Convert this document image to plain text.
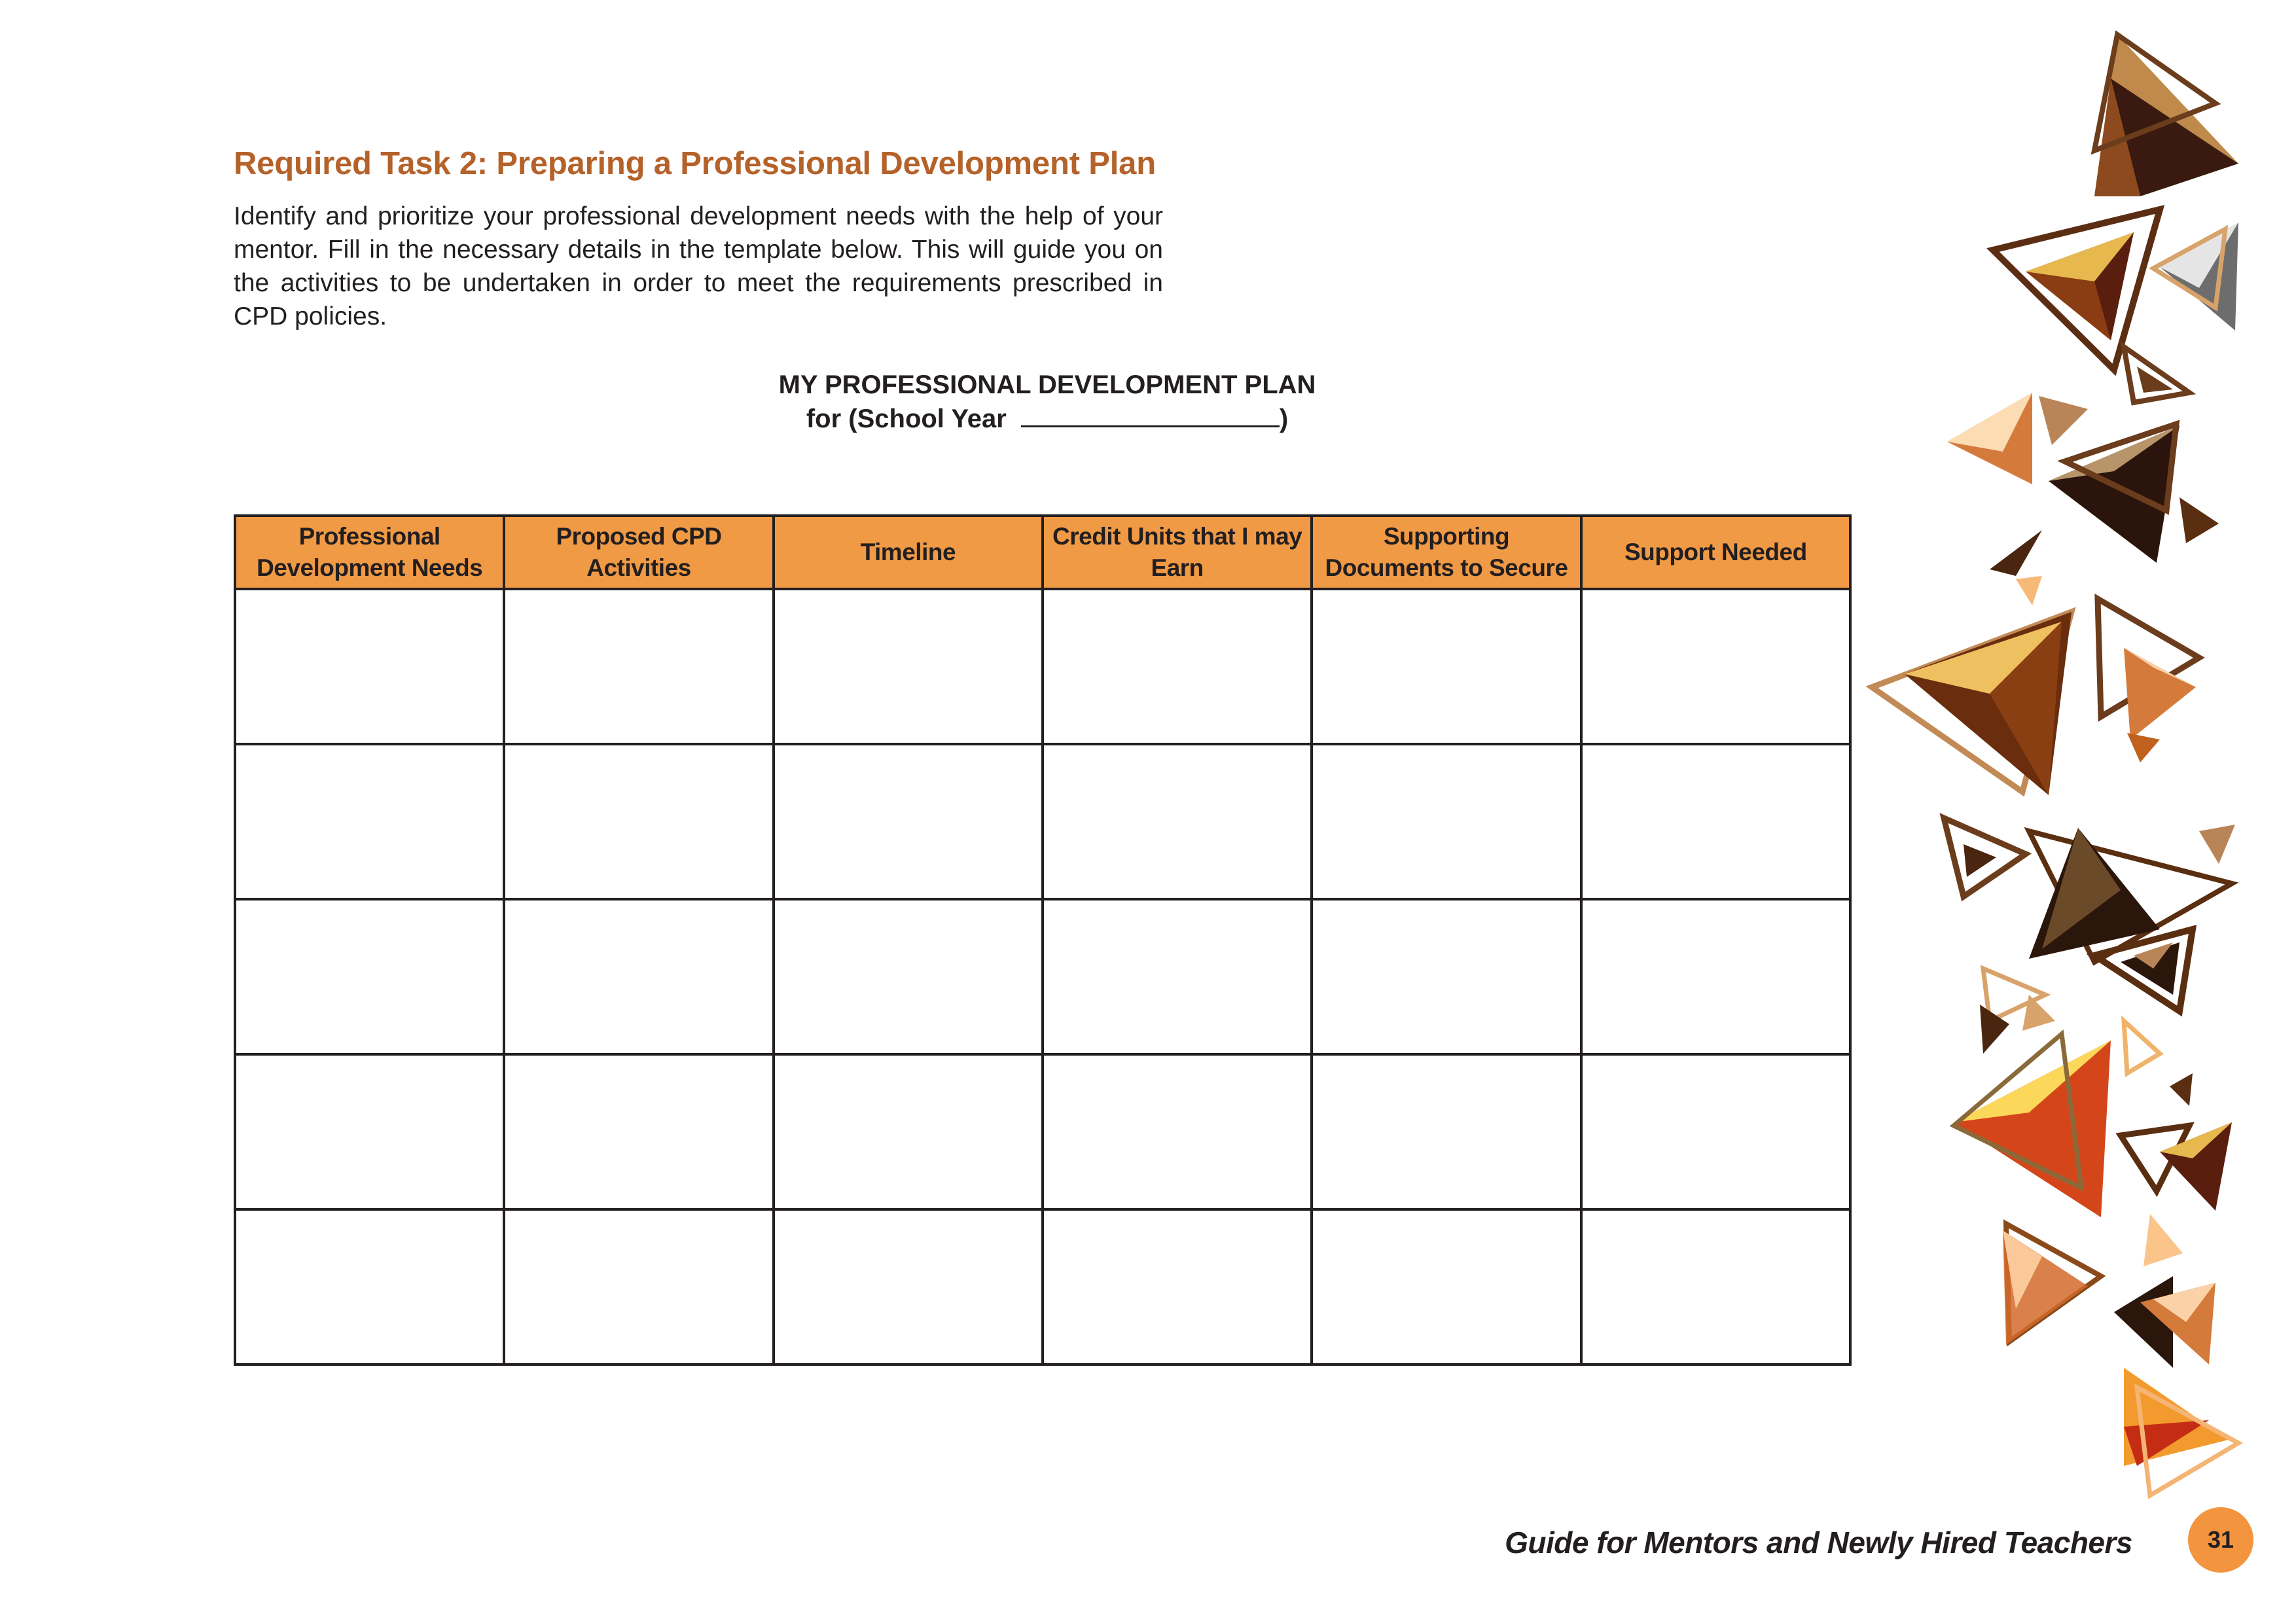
Required Task 2: Preparing a Professional Development Plan
Identify and prioritize your professional development needs with the help of your mentor. Fill in the necessary details in the template below. This will guide you on the activities to be undertaken in order to meet the requirements prescribed in CPD policies.
MY PROFESSIONAL DEVELOPMENT PLAN
for (School Year	)
Professional Development Needs	Proposed CPD Activities	Timeline	Credit Units that I may Earn	Supporting Documents to Secure	Support Needed

Guide for Mentors and Newly Hired Teachers	31
